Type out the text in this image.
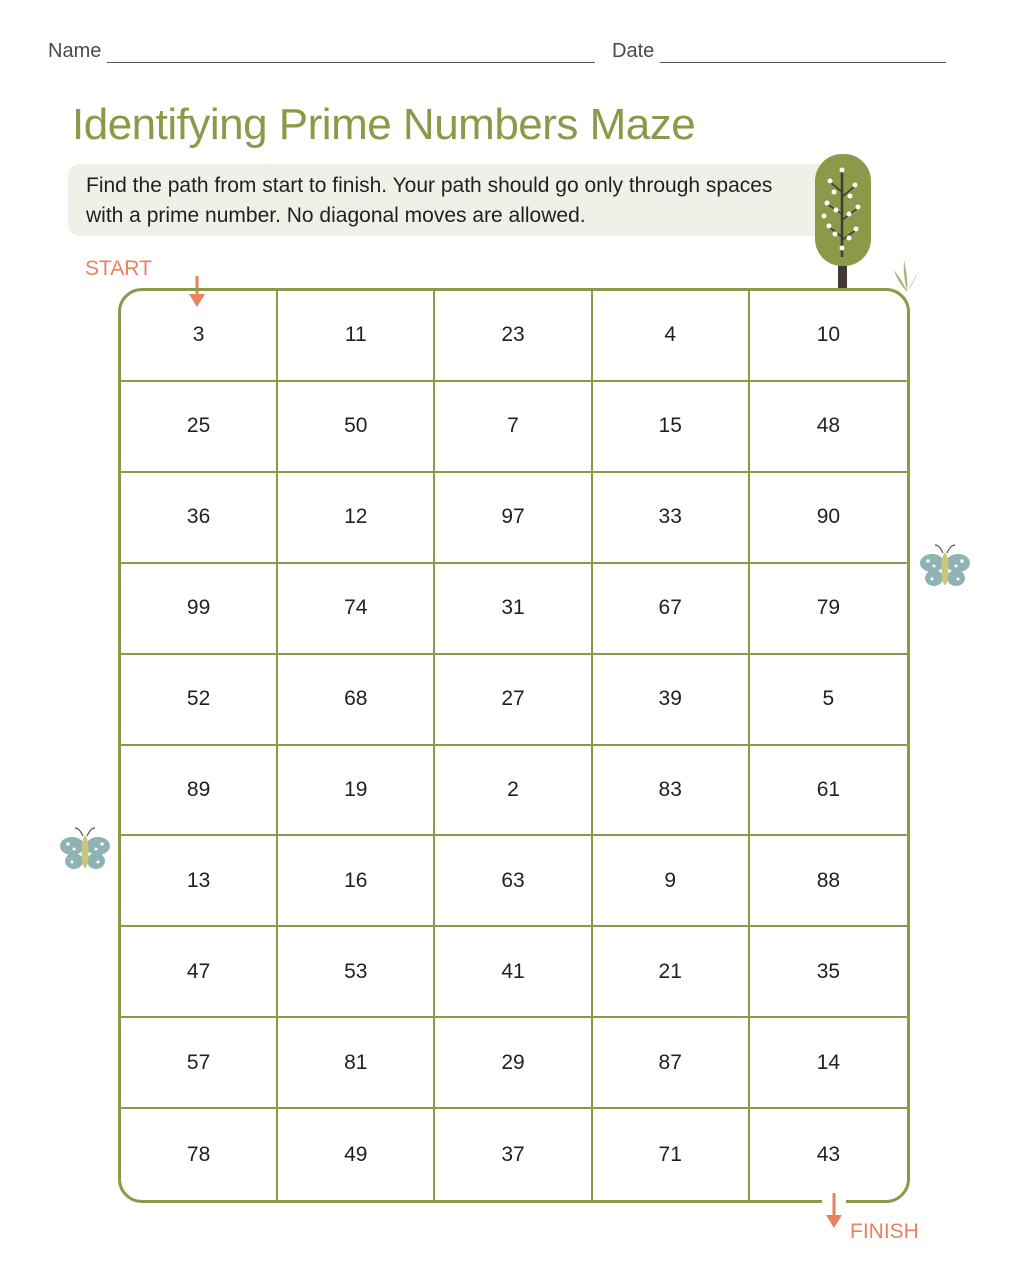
Name	Date
Identifying Prime Numbers Maze
Find the path from start to finish. Your path should go only through spaces with a prime number. No diagonal moves are allowed.
START
3	11	23	4	10
25	50	7	15	48
36	12	97	33	90
99	74	31	67	79
52	68	27	39	5
89	19	2	83	61
13	16	63	9	88
47	53	41	21	35
57	81	29	87	14
78	49	37	71	43
FINISH
